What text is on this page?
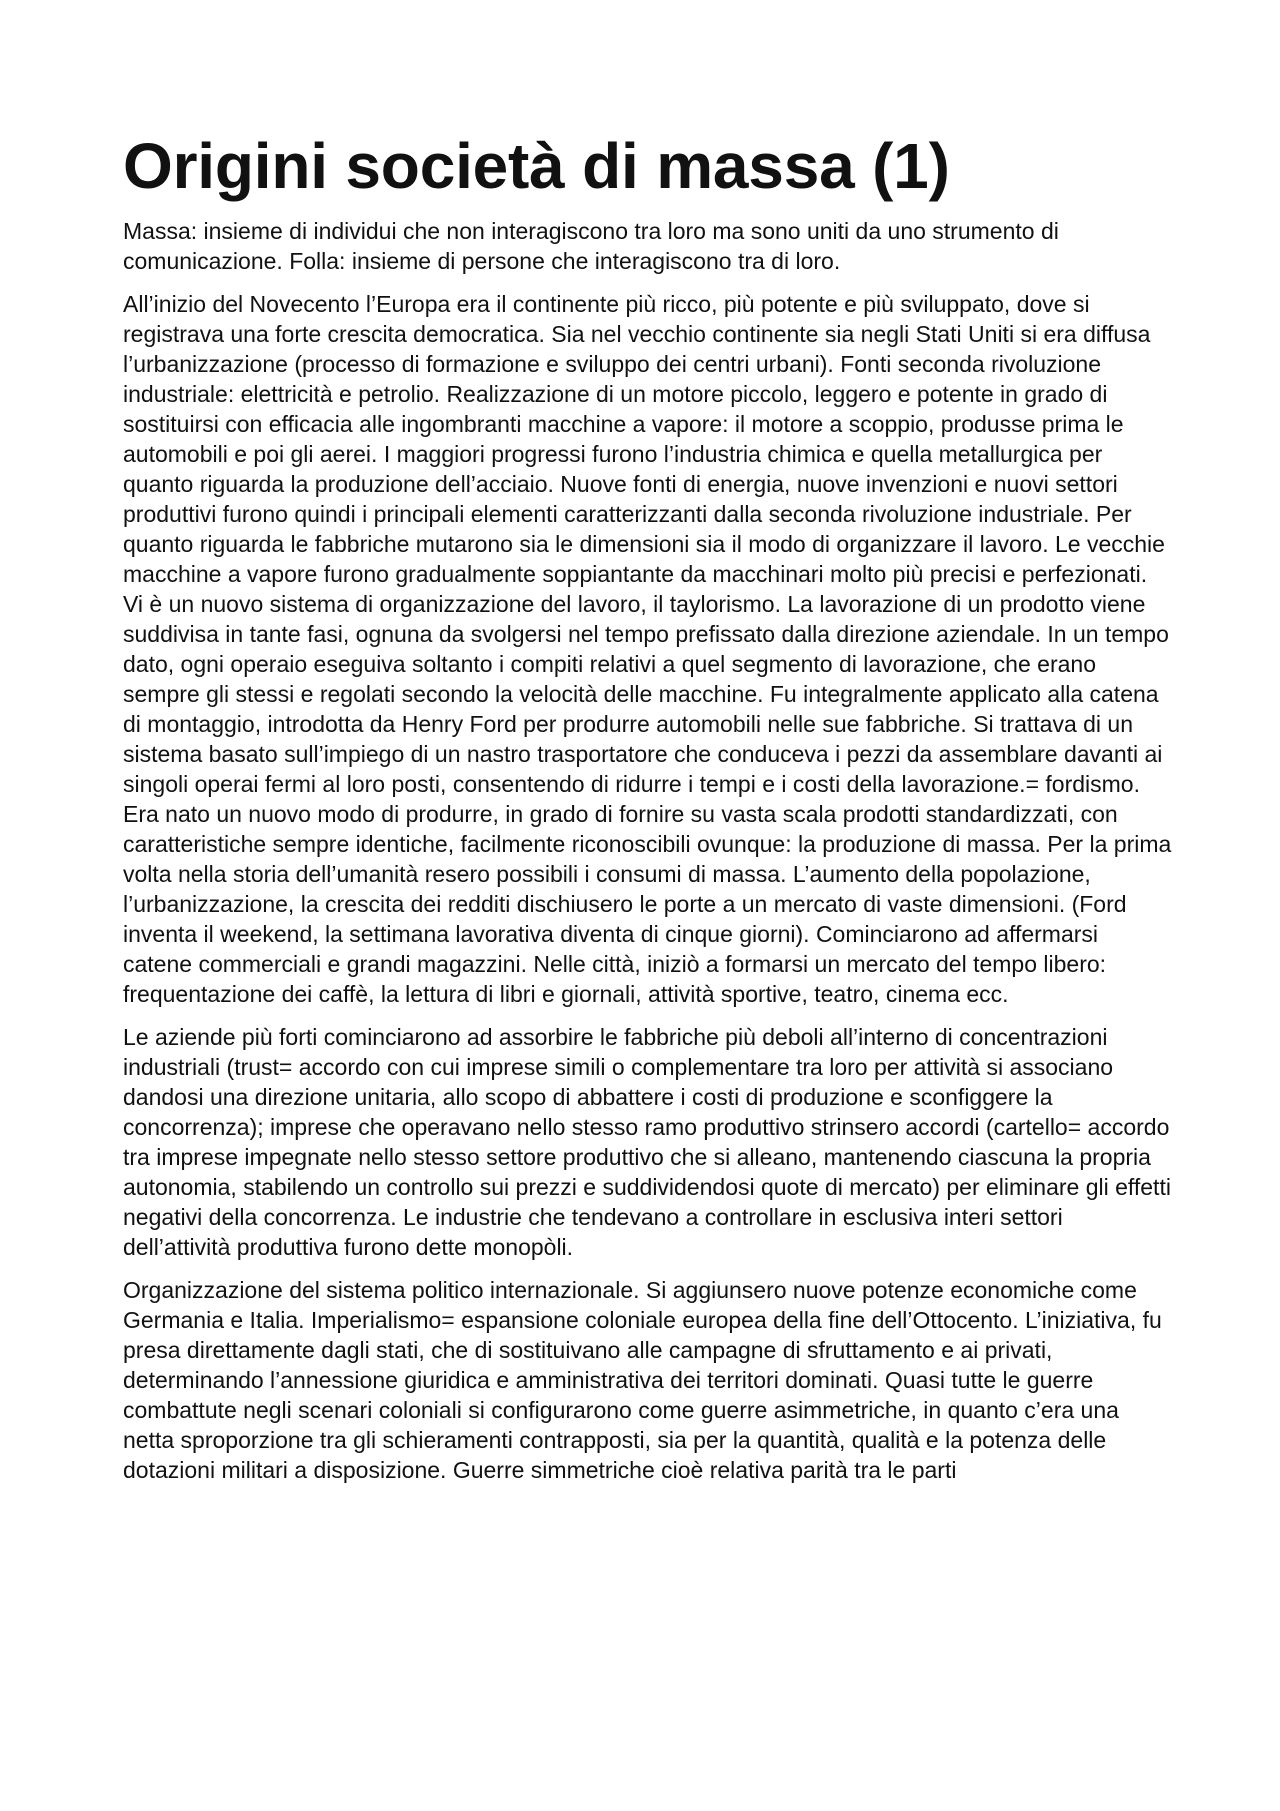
Origini società di massa (1)

Massa: insieme di individui che non interagiscono tra loro ma sono uniti da uno strumento di comunicazione. Folla: insieme di persone che interagiscono tra di loro.

All’inizio del Novecento l’Europa era il continente più ricco, più potente e più sviluppato, dove si registrava una forte crescita democratica. Sia nel vecchio continente sia negli Stati Uniti si era diffusa l’urbanizzazione (processo di formazione e sviluppo dei centri urbani). Fonti seconda rivoluzione industriale: elettricità e petrolio. Realizzazione di un motore piccolo, leggero e potente in grado di sostituirsi con efficacia alle ingombranti macchine a vapore: il motore a scoppio, produsse prima le automobili e poi gli aerei. I maggiori progressi furono l’industria chimica e quella metallurgica per quanto riguarda la produzione dell’acciaio. Nuove fonti di energia, nuove invenzioni e nuovi settori produttivi furono quindi i principali elementi caratterizzanti dalla seconda rivoluzione industriale. Per quanto riguarda le fabbriche mutarono sia le dimensioni sia il modo di organizzare il lavoro. Le vecchie macchine a vapore furono gradualmente soppiantante da macchinari molto più precisi e perfezionati. Vi è un nuovo sistema di organizzazione del lavoro, il taylorismo. La lavorazione di un prodotto viene suddivisa in tante fasi, ognuna da svolgersi nel tempo prefissato dalla direzione aziendale. In un tempo dato, ogni operaio eseguiva soltanto i compiti relativi a quel segmento di lavorazione, che erano sempre gli stessi e regolati secondo la velocità delle macchine. Fu integralmente applicato alla catena di montaggio, introdotta da Henry Ford per produrre automobili nelle sue fabbriche. Si trattava di un sistema basato sull’impiego di un nastro trasportatore che conduceva i pezzi da assemblare davanti ai singoli operai fermi al loro posti, consentendo di ridurre i tempi e i costi della lavorazione.= fordismo. Era nato un nuovo modo di produrre, in grado di fornire su vasta scala prodotti standardizzati, con caratteristiche sempre identiche, facilmente riconoscibili ovunque: la produzione di massa. Per la prima volta nella storia dell’umanità resero possibili i consumi di massa. L’aumento della popolazione, l’urbanizzazione, la crescita dei redditi dischiusero le porte a un mercato di vaste dimensioni. (Ford inventa il weekend, la settimana lavorativa diventa di cinque giorni). Cominciarono ad affermarsi catene commerciali e grandi magazzini. Nelle città, iniziò a formarsi un mercato del tempo libero: frequentazione dei caffè, la lettura di libri e giornali, attività sportive, teatro, cinema ecc.

Le aziende più forti cominciarono ad assorbire le fabbriche più deboli all’interno di concentrazioni industriali (trust= accordo con cui imprese simili o complementare tra loro per attività si associano dandosi una direzione unitaria, allo scopo di abbattere i costi di produzione e sconfiggere la concorrenza); imprese che operavano nello stesso ramo produttivo strinsero accordi (cartello= accordo tra imprese impegnate nello stesso settore produttivo che si alleano, mantenendo ciascuna la propria autonomia, stabilendo un controllo sui prezzi e suddividendosi quote di mercato) per eliminare gli effetti negativi della concorrenza. Le industrie che tendevano a controllare in esclusiva interi settori dell’attività produttiva furono dette monopòli.

Organizzazione del sistema politico internazionale. Si aggiunsero nuove potenze economiche come Germania e Italia. Imperialismo= espansione coloniale europea della fine dell’Ottocento. L’iniziativa, fu presa direttamente dagli stati, che di sostituivano alle campagne di sfruttamento e ai privati, determinando l’annessione giuridica e amministrativa dei territori dominati. Quasi tutte le guerre combattute negli scenari coloniali si configurarono come guerre asimmetriche, in quanto c’era una netta sproporzione tra gli schieramenti contrapposti, sia per la quantità, qualità e la potenza delle dotazioni militari a disposizione. Guerre simmetriche cioè relativa parità tra le parti
